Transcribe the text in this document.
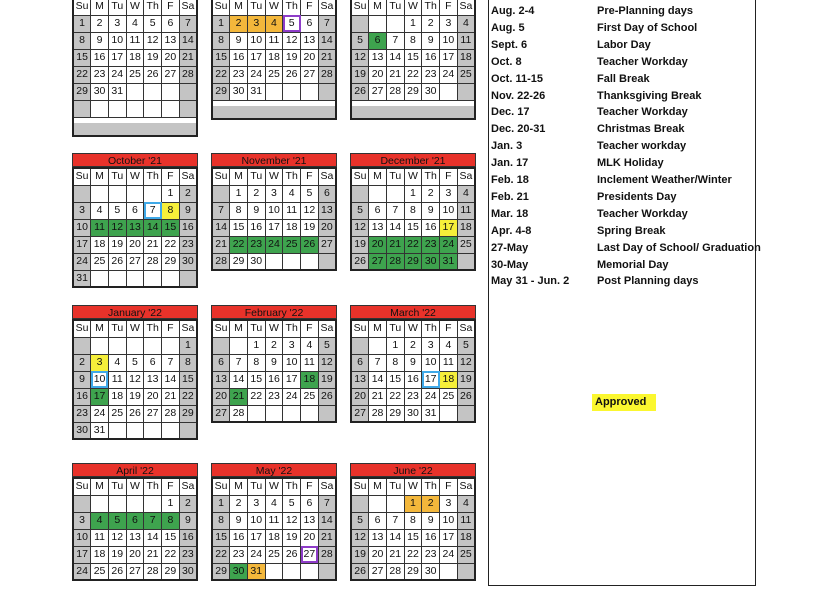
Su	M	Tu	W	Th	F	Sa
1	2	3	4	5	6	7
8	9	10	11	12	13	14
15	16	17	18	19	20	21
22	23	24	25	26	27	28
29	30	31				

Su	M	Tu	W	Th	F	Sa
1	2	3	4	5	6	7
8	9	10	11	12	13	14
15	16	17	18	19	20	21
22	23	24	25	26	27	28
29	30	31				

Su	M	Tu	W	Th	F	Sa
			1	2	3	4
5	6	7	8	9	10	11
12	13	14	15	16	17	18
19	20	21	22	23	24	25
26	27	28	29	30		

October '21
Su	M	Tu	W	Th	F	Sa
					1	2
3	4	5	6	7	8	9
10	11	12	13	14	15	16
17	18	19	20	21	22	23
24	25	26	27	28	29	30
31						
November '21
Su	M	Tu	W	Th	F	Sa
	1	2	3	4	5	6
7	8	9	10	11	12	13
14	15	16	17	18	19	20
21	22	23	24	25	26	27
28	29	30				
December '21
Su	M	Tu	W	Th	F	Sa
			1	2	3	4
5	6	7	8	9	10	11
12	13	14	15	16	17	18
19	20	21	22	23	24	25
26	27	28	29	30	31	
January '22
Su	M	Tu	W	Th	F	Sa
						1
2	3	4	5	6	7	8
9	10	11	12	13	14	15
16	17	18	19	20	21	22
23	24	25	26	27	28	29
30	31					
February '22
Su	M	Tu	W	Th	F	Sa
		1	2	3	4	5
6	7	8	9	10	11	12
13	14	15	16	17	18	19
20	21	22	23	24	25	26
27	28					
March '22
Su	M	Tu	W	Th	F	Sa
		1	2	3	4	5
6	7	8	9	10	11	12
13	14	15	16	17	18	19
20	21	22	23	24	25	26
27	28	29	30	31		
April '22
Su	M	Tu	W	Th	F	Sa
					1	2
3	4	5	6	7	8	9
10	11	12	13	14	15	16
17	18	19	20	21	22	23
24	25	26	27	28	29	30
May '22
Su	M	Tu	W	Th	F	Sa
1	2	3	4	5	6	7
8	9	10	11	12	13	14
15	16	17	18	19	20	21
22	23	24	25	26	27	28
29	30	31				
June '22
Su	M	Tu	W	Th	F	Sa
			1	2	3	4
5	6	7	8	9	10	11
12	13	14	15	16	17	18
19	20	21	22	23	24	25
26	27	28	29	30		
Aug. 2-4	Pre-Planning days
Aug. 5	First Day of School
Sept. 6	Labor Day
Oct. 8	Teacher Workday
Oct. 11-15	Fall Break
Nov. 22-26	Thanksgiving Break
Dec. 17	Teacher Workday
Dec. 20-31	Christmas Break
Jan. 3	Teacher workday
Jan. 17	MLK Holiday
Feb. 18	Inclement Weather/Winter
Feb. 21	Presidents Day
Mar. 18	Teacher Workday
Apr. 4-8	Spring Break
27-May	Last Day of School/ Graduation
30-May	Memorial Day
May 31 - Jun. 2	Post Planning days
Approved
